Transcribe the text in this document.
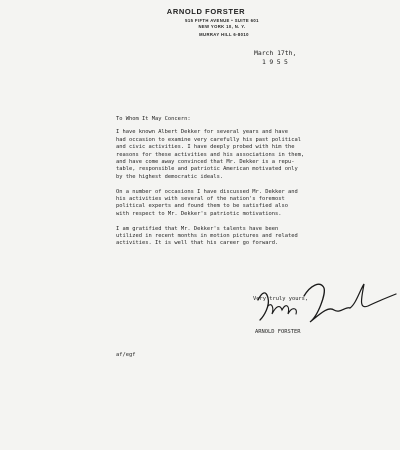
ARNOLD FORSTER
515 FIFTH AVENUE • SUITE 601
NEW YORK 10, N. Y.
MURRAY HILL 6-8010
March 17th,
1955

To Whom It May Concern:

I have known Albert Dekker for several years and have
had occasion to examine very carefully his past political
and civic activities. I have deeply probed with him the
reasons for these activities and his associations in them,
and have come away convinced that Mr. Dekker is a repu-
table, responsible and patriotic American motivated only
by the highest democratic ideals.

On a number of occasions I have discussed Mr. Dekker and
his activities with several of the nation's foremost
political experts and found them to be satisfied also
with respect to Mr. Dekker's patriotic motivations.

I am gratified that Mr. Dekker's talents have been
utilized in recent months in motion pictures and related
activities. It is well that his career go forward.

Very truly yours,
ARNOLD FORSTER
af/egf
